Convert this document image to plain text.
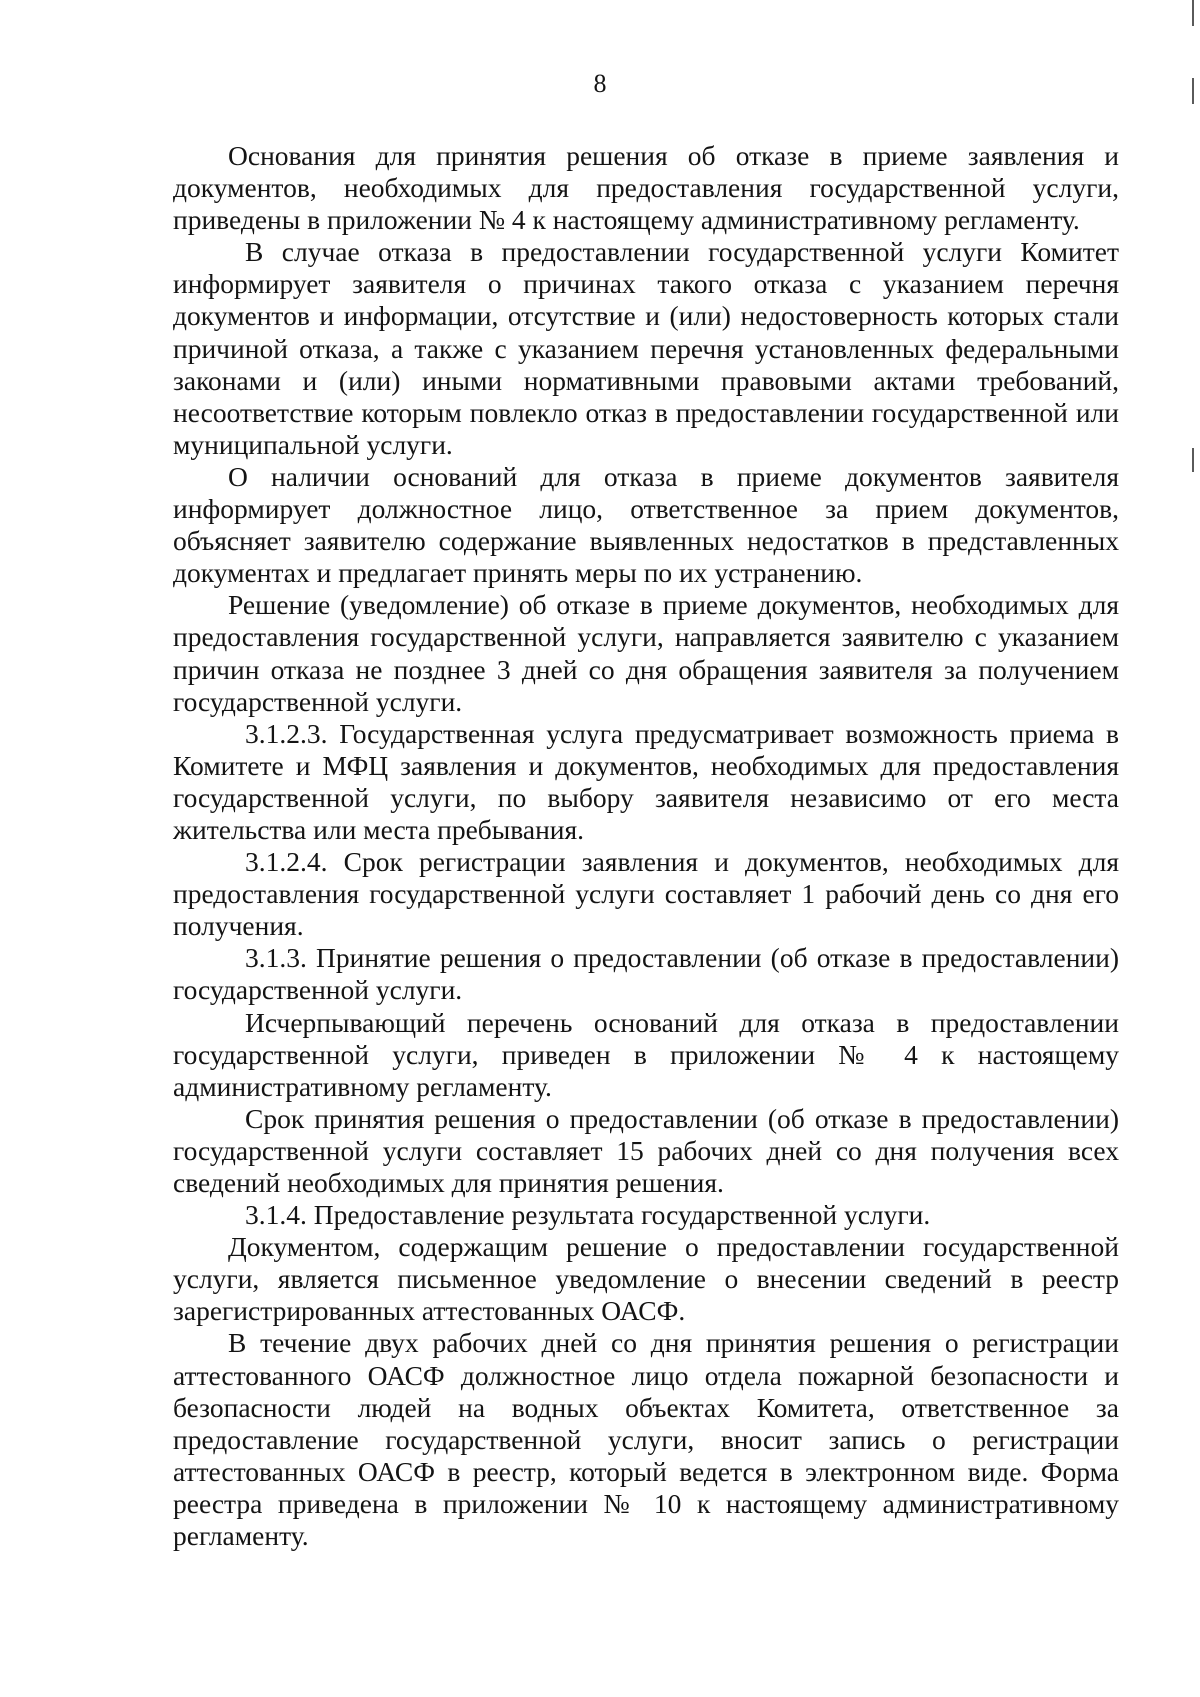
8

Основания для принятия решения об отказе в приеме заявления и документов, необходимых для предоставления государственной услуги, приведены в приложении № 4 к настоящему административному регламенту.

В случае отказа в предоставлении государственной услуги Комитет информирует заявителя о причинах такого отказа с указанием перечня документов и информации, отсутствие и (или) недостоверность которых стали причиной отказа, а также с указанием перечня установленных федеральными законами и (или) иными нормативными правовыми актами требований, несоответствие которым повлекло отказ в предоставлении государственной или муниципальной услуги.

О наличии оснований для отказа в приеме документов заявителя информирует должностное лицо, ответственное за прием документов, объясняет заявителю содержание выявленных недостатков в представленных документах и предлагает принять меры по их устранению.

Решение (уведомление) об отказе в приеме документов, необходимых для предоставления государственной услуги, направляется заявителю с указанием причин отказа не позднее 3 дней со дня обращения заявителя за получением государственной услуги.

3.1.2.3. Государственная услуга предусматривает возможность приема в Комитете и МФЦ заявления и документов, необходимых для предоставления государственной услуги, по выбору заявителя независимо от его места жительства или места пребывания.

3.1.2.4. Срок регистрации заявления и документов, необходимых для предоставления государственной услуги составляет 1 рабочий день со дня его получения.

3.1.3. Принятие решения о предоставлении (об отказе в предоставлении) государственной услуги.

Исчерпывающий перечень оснований для отказа в предоставлении государственной услуги, приведен в приложении № 4 к настоящему административному регламенту.

Срок принятия решения о предоставлении (об отказе в предоставлении) государственной услуги составляет 15 рабочих дней со дня получения всех сведений необходимых для принятия решения.

3.1.4. Предоставление результата государственной услуги.

Документом, содержащим решение о предоставлении государственной услуги, является письменное уведомление о внесении сведений в реестр зарегистрированных аттестованных ОАСФ.

В течение двух рабочих дней со дня принятия решения о регистрации аттестованного ОАСФ должностное лицо отдела пожарной безопасности и безопасности людей на водных объектах Комитета, ответственное за предоставление государственной услуги, вносит запись о регистрации аттестованных ОАСФ в реестр, который ведется в электронном виде. Форма реестра приведена в приложении № 10 к настоящему административному регламенту.
